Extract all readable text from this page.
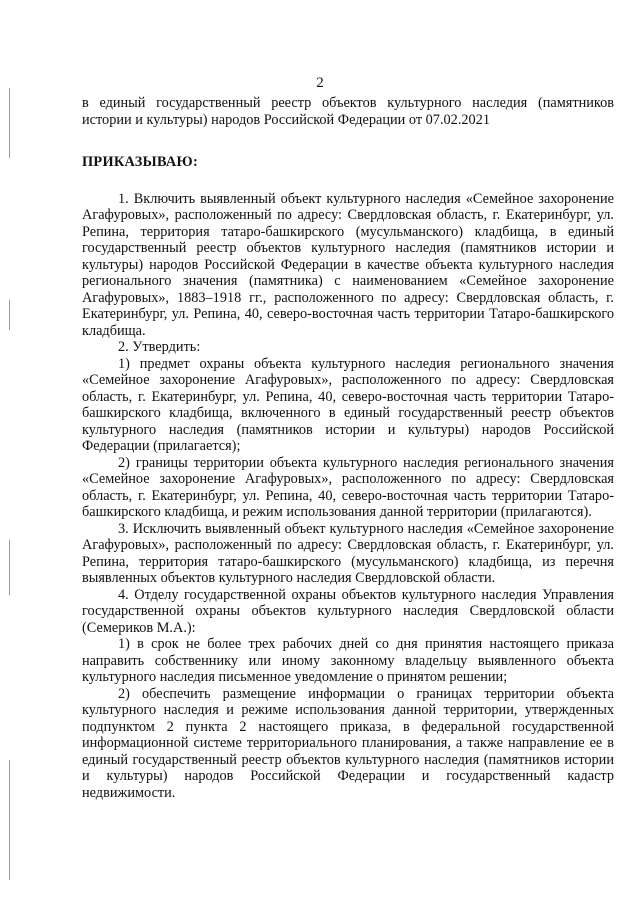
2

в единый государственный реестр объектов культурного наследия (памятников истории и культуры) народов Российской Федерации от 07.02.2021

ПРИКАЗЫВАЮ:

1. Включить выявленный объект культурного наследия «Семейное захоронение Агафуровых», расположенный по адресу: Свердловская область, г. Екатеринбург, ул. Репина, территория татаро-башкирского (мусульманского) кладбища, в единый государственный реестр объектов культурного наследия (памятников истории и культуры) народов Российской Федерации в качестве объекта культурного наследия регионального значения (памятника) с наименованием «Семейное захоронение Агафуровых», 1883–1918 гг., расположенного по адресу: Свердловская область, г. Екатеринбург, ул. Репина, 40, северо-восточная часть территории Татаро-башкирского кладбища.

2. Утвердить:

1) предмет охраны объекта культурного наследия регионального значения «Семейное захоронение Агафуровых», расположенного по адресу: Свердловская область, г. Екатеринбург, ул. Репина, 40, северо-восточная часть территории Татаро-башкирского кладбища, включенного в единый государственный реестр объектов культурного наследия (памятников истории и культуры) народов Российской Федерации (прилагается);

2) границы территории объекта культурного наследия регионального значения «Семейное захоронение Агафуровых», расположенного по адресу: Свердловская область, г. Екатеринбург, ул. Репина, 40, северо-восточная часть территории Татаро-башкирского кладбища, и режим использования данной территории (прилагаются).

3. Исключить выявленный объект культурного наследия «Семейное захоронение Агафуровых», расположенный по адресу: Свердловская область, г. Екатеринбург, ул. Репина, территория татаро-башкирского (мусульманского) кладбища, из перечня выявленных объектов культурного наследия Свердловской области.

4. Отделу государственной охраны объектов культурного наследия Управления государственной охраны объектов культурного наследия Свердловской области (Семериков М.А.):

1) в срок не более трех рабочих дней со дня принятия настоящего приказа направить собственнику или иному законному владельцу выявленного объекта культурного наследия письменное уведомление о принятом решении;

2) обеспечить размещение информации о границах территории объекта культурного наследия и режиме использования данной территории, утвержденных подпунктом 2 пункта 2 настоящего приказа, в федеральной государственной информационной системе территориального планирования, а также направление ее в единый государственный реестр объектов культурного наследия (памятников истории и культуры) народов Российской Федерации и государственный кадастр недвижимости.
